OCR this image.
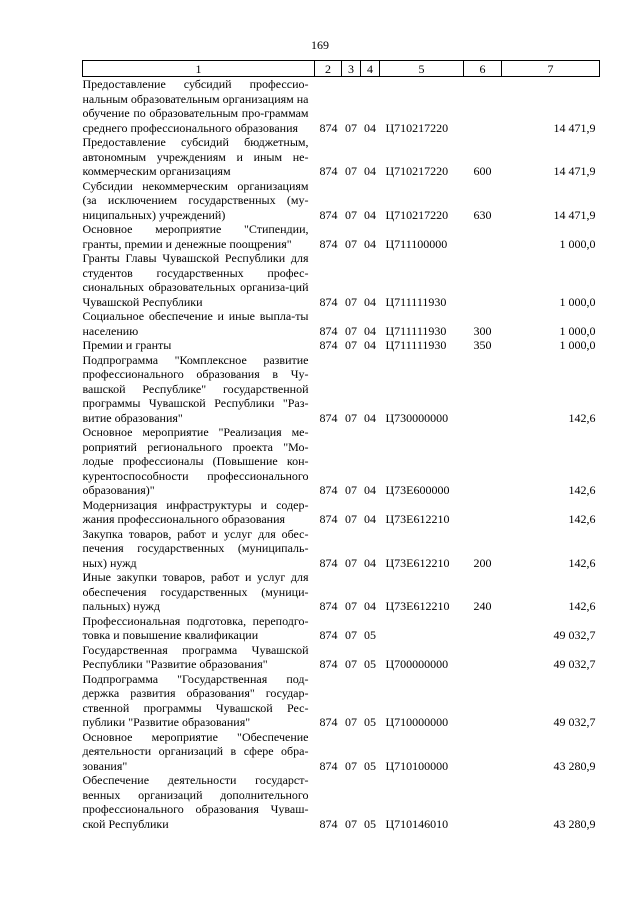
169
1	2	3	4	5	6	7
Предоставление субсидий профессио-нальным образовательным организациям на обучение по образовательным про-граммам среднего профессионального образования	874	07	04	Ц710217220		14 471,9
Предоставление субсидий бюджетным, автономным учреждениям и иным не-коммерческим организациям	874	07	04	Ц710217220	600	14 471,9
Субсидии некоммерческим организациям (за исключением государственных (му-ниципальных) учреждений)	874	07	04	Ц710217220	630	14 471,9
Основное мероприятие "Стипендии, гранты, премии и денежные поощрения"	874	07	04	Ц711100000		1 000,0
Гранты Главы Чувашской Республики для студентов государственных профес-сиональных образовательных организа-ций Чувашской Республики	874	07	04	Ц711111930		1 000,0
Социальное обеспечение и иные выпла-ты населению	874	07	04	Ц711111930	300	1 000,0
Премии и гранты	874	07	04	Ц711111930	350	1 000,0
Подпрограмма "Комплексное развитие профессионального образования в Чу-вашской Республике" государственной программы Чувашской Республики "Раз-витие образования"	874	07	04	Ц730000000		142,6
Основное мероприятие "Реализация ме-роприятий регионального проекта "Мо-лодые профессионалы (Повышение кон-курентоспособности профессионального образования)"	874	07	04	Ц73Е600000		142,6
Модернизация инфраструктуры и содер-жания профессионального образования	874	07	04	Ц73Е612210		142,6
Закупка товаров, работ и услуг для обес-печения государственных (муниципаль-ных) нужд	874	07	04	Ц73Е612210	200	142,6
Иные закупки товаров, работ и услуг для обеспечения государственных (муници-пальных) нужд	874	07	04	Ц73Е612210	240	142,6
Профессиональная подготовка, переподго-товка и повышение квалификации	874	07	05			49 032,7
Государственная программа Чувашской Республики "Развитие образования"	874	07	05	Ц700000000		49 032,7
Подпрограмма "Государственная под-держка развития образования" государ-ственной программы Чувашской Рес-публики "Развитие образования"	874	07	05	Ц710000000		49 032,7
Основное мероприятие "Обеспечение деятельности организаций в сфере обра-зования"	874	07	05	Ц710100000		43 280,9
Обеспечение деятельности государст-венных организаций дополнительного профессионального образования Чуваш-ской Республики	874	07	05	Ц710146010		43 280,9
